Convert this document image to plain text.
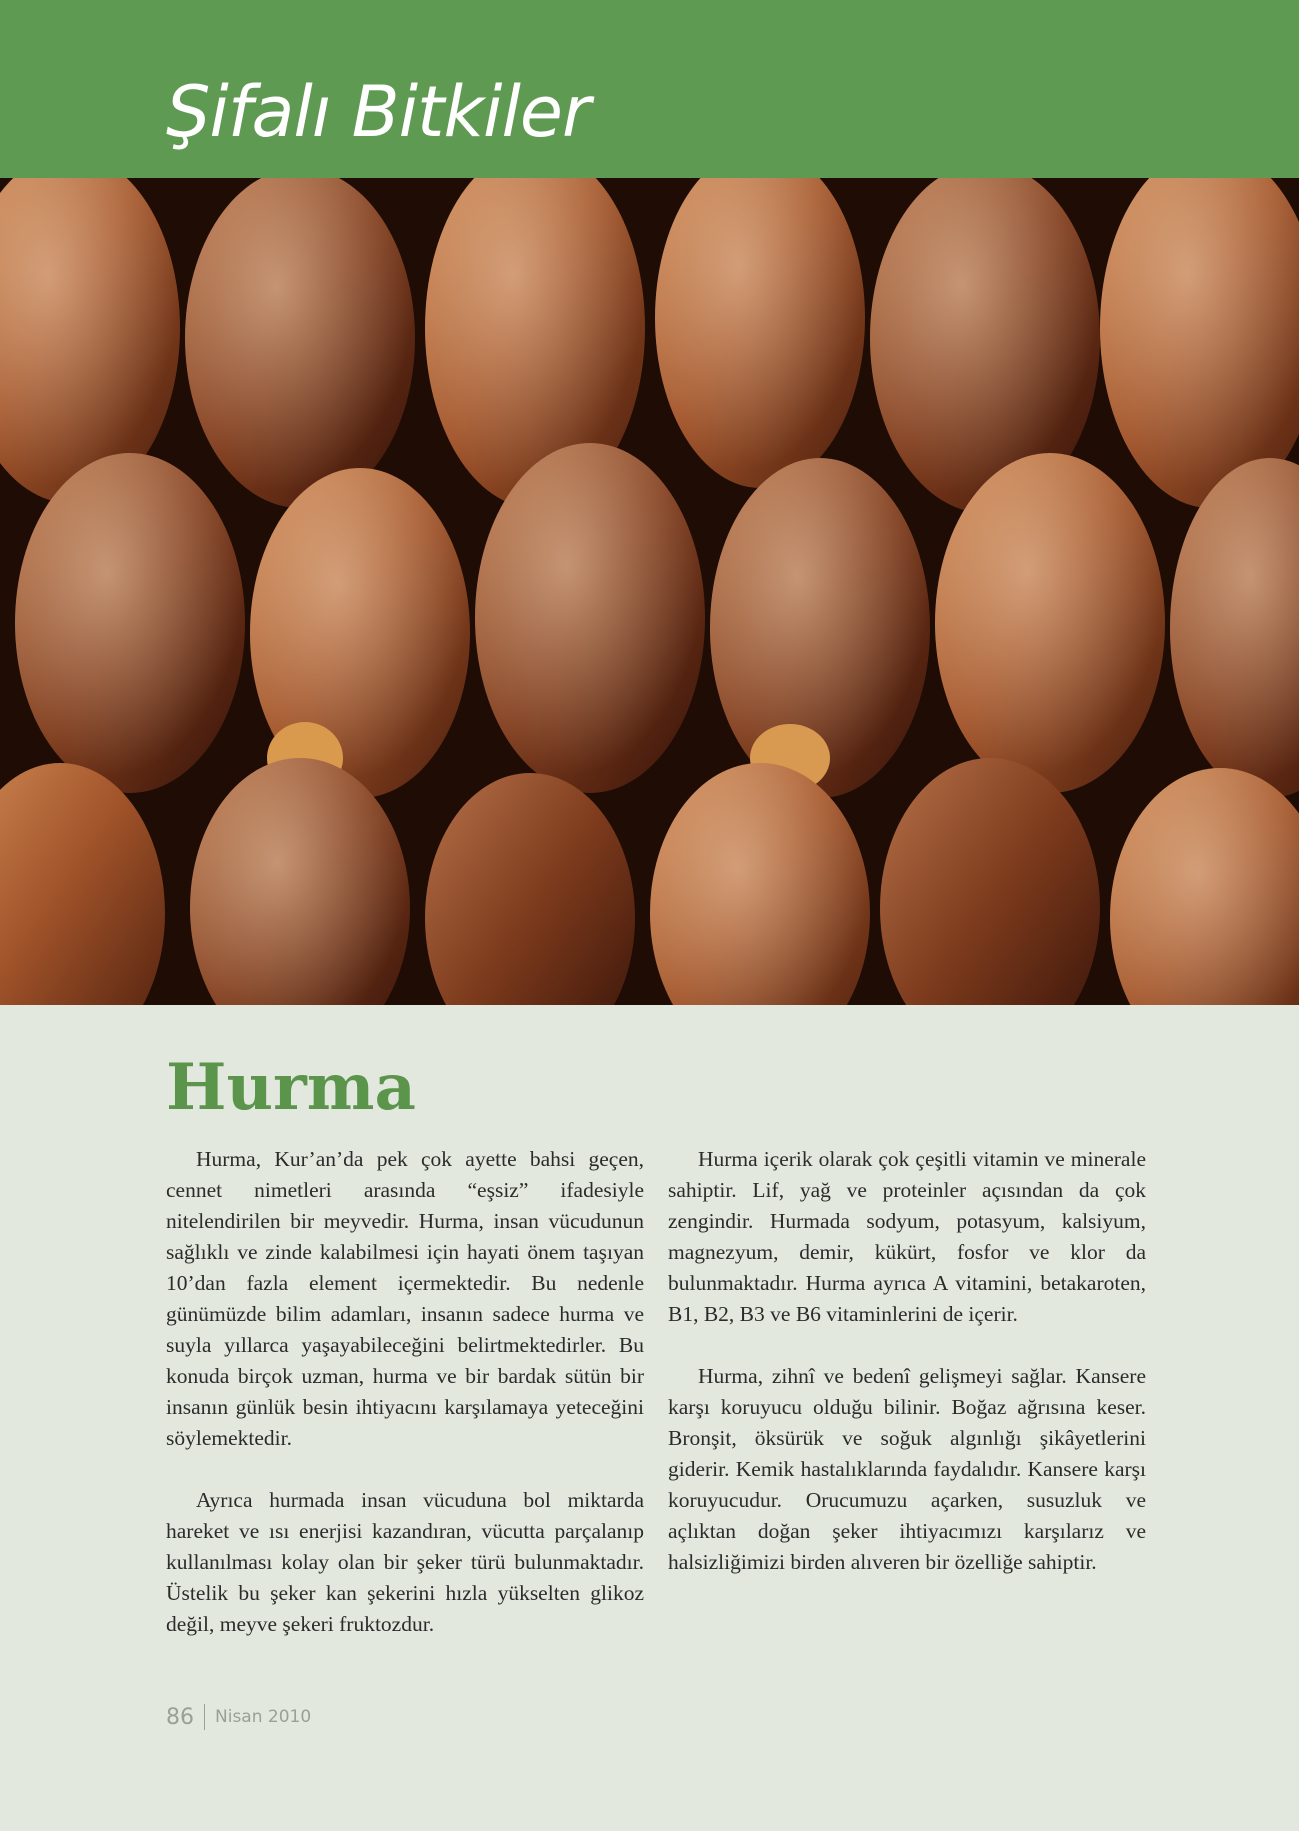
Şifalı Bitkiler
Hurma

Hurma, Kur’an’da pek çok ayette bahsi geçen, cennet nimetleri arasında “eşsiz” ifadesiyle nitelendirilen bir meyvedir. Hurma, insan vücudunun sağlıklı ve zinde kalabilmesi için hayati önem taşıyan 10’dan fazla element içermektedir. Bu nedenle günümüzde bilim adamları, insanın sadece hurma ve suyla yıllarca yaşayabileceğini belirtmektedirler. Bu konuda birçok uzman, hurma ve bir bardak sütün bir insanın günlük besin ihtiyacını karşılamaya yeteceğini söylemektedir.

Ayrıca hurmada insan vücuduna bol miktarda hareket ve ısı enerjisi kazandıran, vücutta parçalanıp kullanılması kolay olan bir şeker türü bulunmaktadır. Üstelik bu şeker kan şekerini hızla yükselten glikoz değil, meyve şekeri fruktozdur.

Hurma içerik olarak çok çeşitli vitamin ve minerale sahiptir. Lif, yağ ve proteinler açısından da çok zengindir. Hurmada sodyum, potasyum, kalsiyum, magnezyum, demir, kükürt, fosfor ve klor da bulunmaktadır. Hurma ayrıca A vitamini, betakaroten, B1, B2, B3 ve B6 vitaminlerini de içerir.

Hurma, zihnî ve bedenî gelişmeyi sağlar. Kansere karşı koruyucu olduğu bilinir. Boğaz ağrısına keser. Bronşit, öksürük ve soğuk algınlığı şikâyetlerini giderir. Kemik hastalıklarında faydalıdır. Kansere karşı koruyucudur. Orucumuzu açarken, susuzluk ve açlıktan doğan şeker ihtiyacımızı karşılarız ve halsizliğimizi birden alıveren bir özelliğe sahiptir.

86 Nisan 2010
